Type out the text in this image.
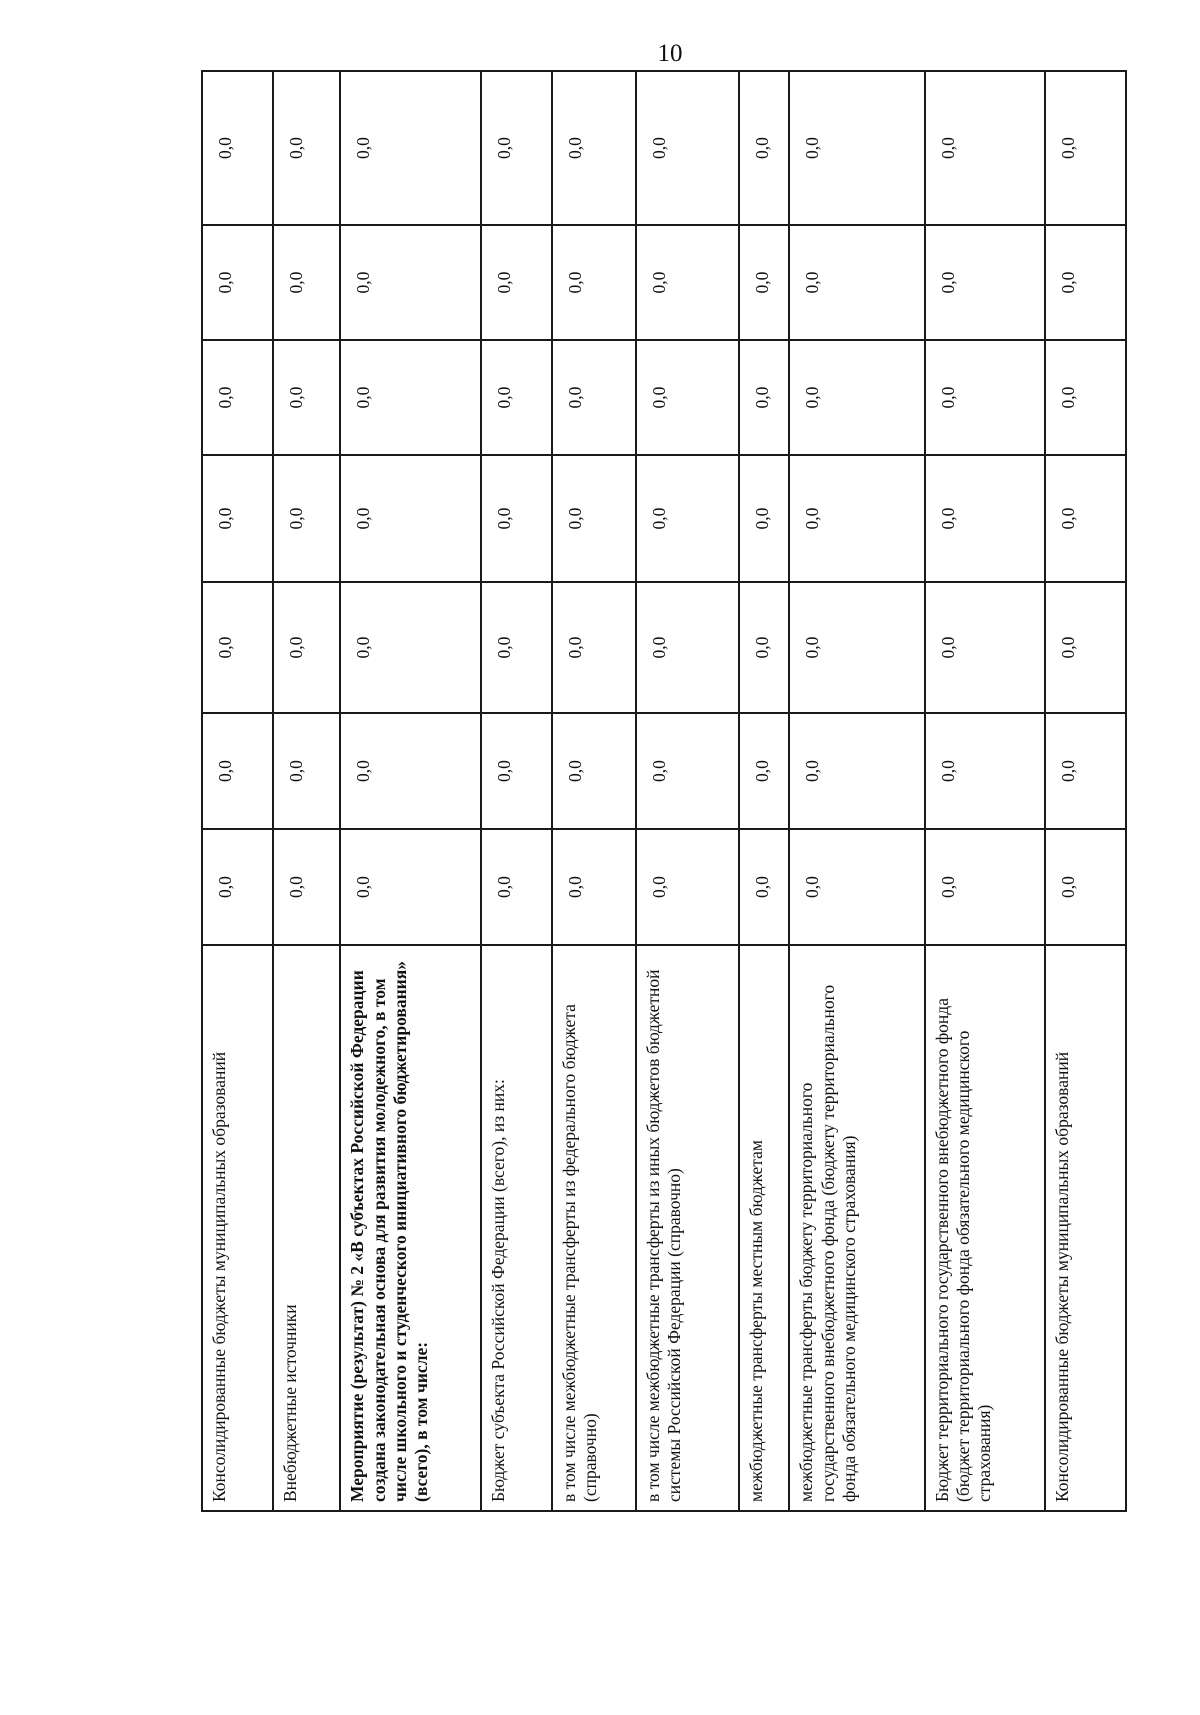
10
Консолидированные бюджеты муниципальных образований	0,0	0,0	0,0	0,0	0,0	0,0	0,0
Внебюджетные источники	0,0	0,0	0,0	0,0	0,0	0,0	0,0
Мероприятие (результат) № 2 «В субъектах Российской Федерации создана законодательная основа для развития молодежного, в том числе школьного и студенческого инициативного бюджетирования» (всего), в том числе:	0,0	0,0	0,0	0,0	0,0	0,0	0,0
Бюджет субъекта Российской Федерации (всего), из них:	0,0	0,0	0,0	0,0	0,0	0,0	0,0
в том числе межбюджетные трансферты из федерального бюджета (справочно)	0,0	0,0	0,0	0,0	0,0	0,0	0,0
в том числе межбюджетные трансферты из иных бюджетов бюджетной системы Российской Федерации (справочно)	0,0	0,0	0,0	0,0	0,0	0,0	0,0
межбюджетные трансферты местным бюджетам	0,0	0,0	0,0	0,0	0,0	0,0	0,0
межбюджетные трансферты бюджету территориального государственного внебюджетного фонда (бюджету территориального фонда обязательного медицинского страхования)	0,0	0,0	0,0	0,0	0,0	0,0	0,0
Бюджет территориального государственного внебюджетного фонда (бюджет территориального фонда обязательного медицинского страхования)	0,0	0,0	0,0	0,0	0,0	0,0	0,0
Консолидированные бюджеты муниципальных образований	0,0	0,0	0,0	0,0	0,0	0,0	0,0
